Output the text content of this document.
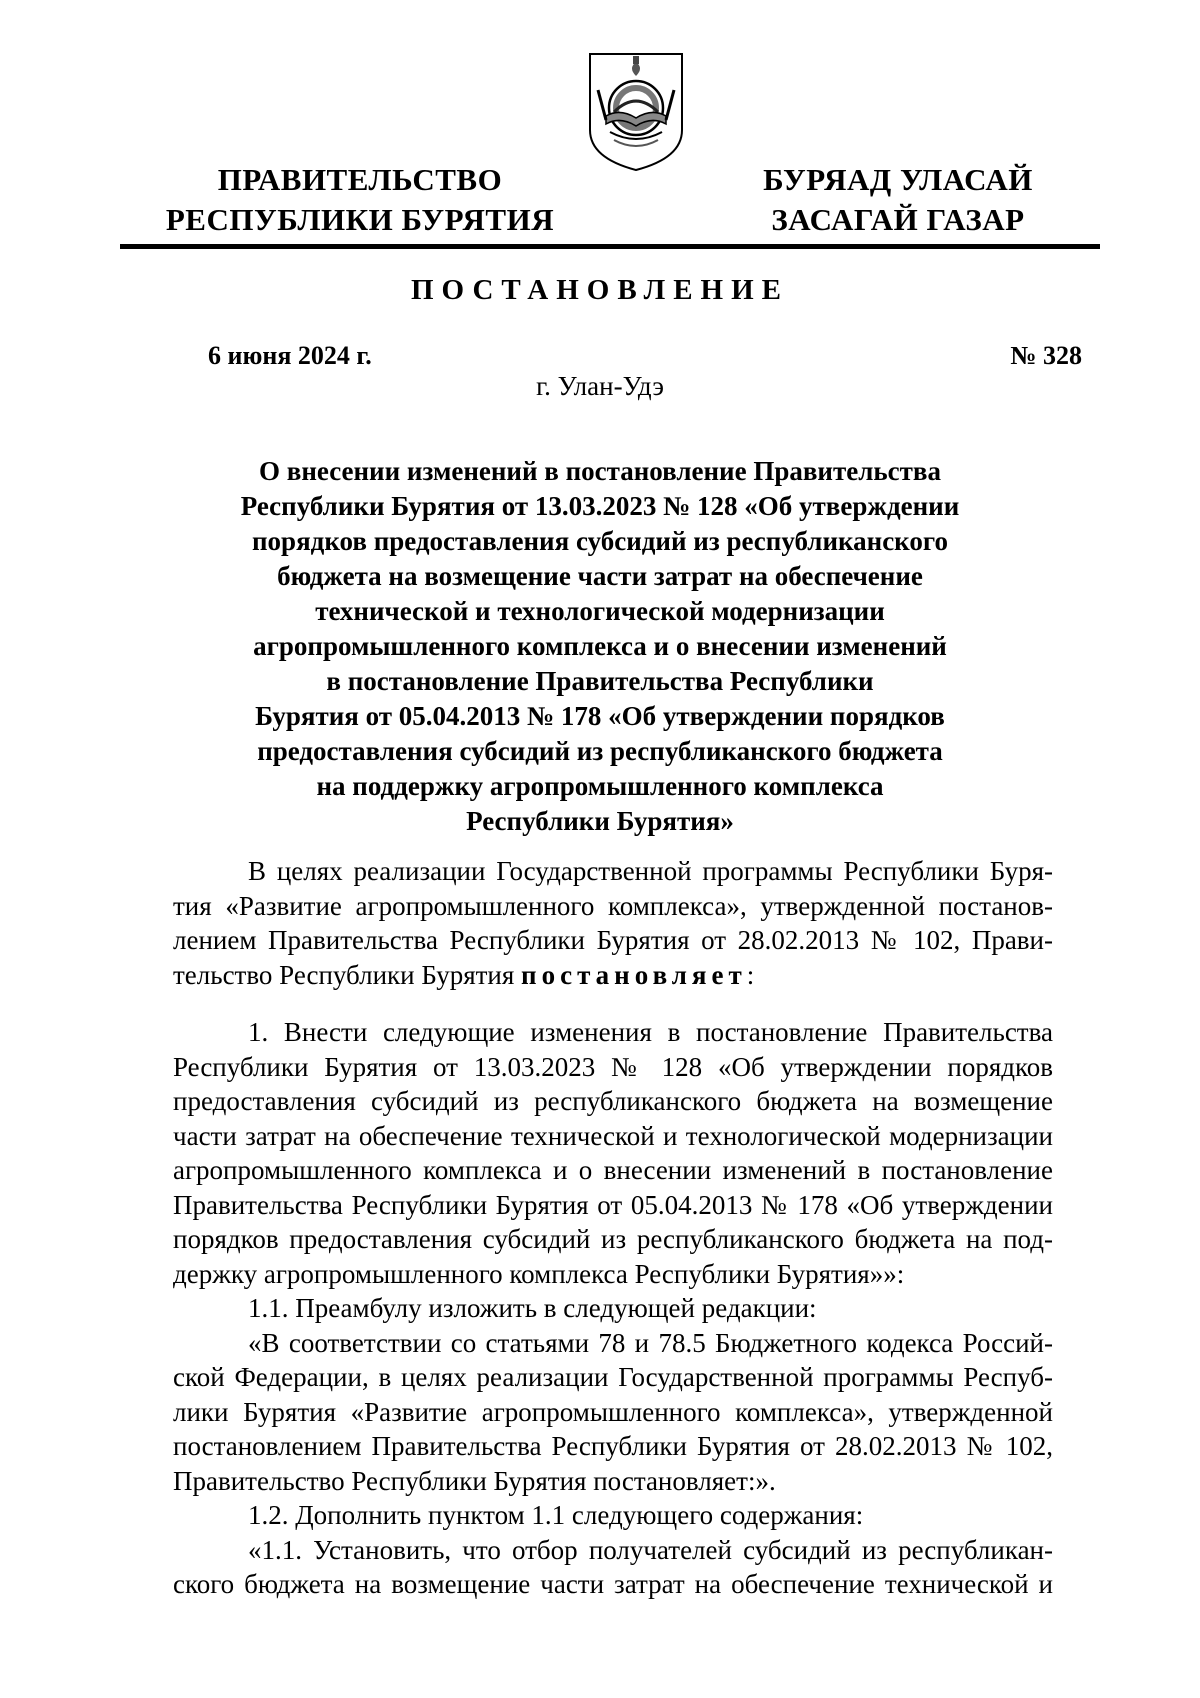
ПРАВИТЕЛЬСТВО
РЕСПУБЛИКИ БУРЯТИЯ
БУРЯАД УЛАСАЙ
ЗАСАГАЙ ГАЗАР
ПОСТАНОВЛЕНИЕ
6 июня 2024 г.	№ 328
г. Улан-Удэ
О внесении изменений в постановление Правительства
Республики Бурятия от 13.03.2023 № 128 «Об утверждении
порядков предоставления субсидий из республиканского
бюджета на возмещение части затрат на обеспечение
технической и технологической модернизации
агропромышленного комплекса и о внесении изменений
в постановление Правительства Республики
Бурятия от 05.04.2013 № 178 «Об утверждении порядков
предоставления субсидий из республиканского бюджета
на поддержку агропромышленного комплекса
Республики Бурятия»
В целях реализации Государственной программы Республики Буря-
тия «Развитие агропромышленного комплекса», утвержденной постанов-
лением Правительства Республики Бурятия от 28.02.2013 № 102, Прави-
тельство Республики Бурятия постановляет:
1. Внести следующие изменения в постановление Правительства
Республики Бурятия от 13.03.2023 № 128 «Об утверждении порядков
предоставления субсидий из республиканского бюджета на возмещение
части затрат на обеспечение технической и технологической модернизации
агропромышленного комплекса и о внесении изменений в постановление
Правительства Республики Бурятия от 05.04.2013 № 178 «Об утверждении
порядков предоставления субсидий из республиканского бюджета на под-
держку агропромышленного комплекса Республики Бурятия»»:
1.1. Преамбулу изложить в следующей редакции:
«В соответствии со статьями 78 и 78.5 Бюджетного кодекса Россий-
ской Федерации, в целях реализации Государственной программы Респуб-
лики Бурятия «Развитие агропромышленного комплекса», утвержденной
постановлением Правительства Республики Бурятия от 28.02.2013 № 102,
Правительство Республики Бурятия постановляет:».
1.2. Дополнить пунктом 1.1 следующего содержания:
«1.1. Установить, что отбор получателей субсидий из республикан-
ского бюджета на возмещение части затрат на обеспечение технической и
